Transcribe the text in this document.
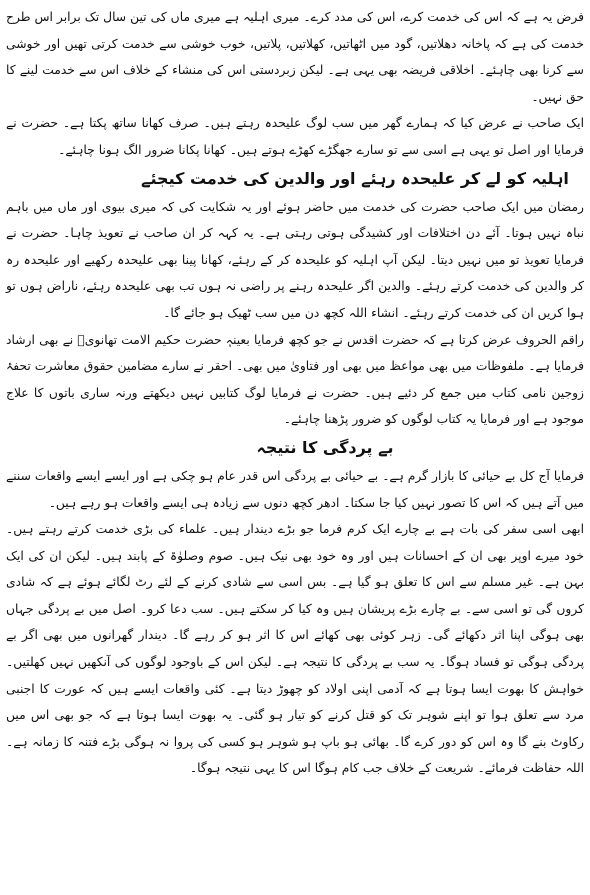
فرض یہ ہے کہ اس کی خدمت کرے، اس کی مدد کرے۔ میری اہلیہ ہے میری ماں کی تین سال تک برابر اس طرح خدمت کی ہے کہ پاخانہ دھلاتیں، گود میں اٹھاتیں، کھلاتیں، پلاتیں، خوب خوشی سے خدمت کرتی تھیں اور خوشی سے کرنا بھی چاہئے۔ اخلاقی فریضہ بھی یہی ہے۔ لیکن زبردستی اس کی منشاء کے خلاف اس سے خدمت لینے کا حق نہیں۔

ایک صاحب نے عرض کیا کہ ہمارے گھر میں سب لوگ علیحدہ رہتے ہیں۔ صرف کھانا ساتھ پکتا ہے۔ حضرت نے فرمایا اور اصل تو یہی ہے اسی سے تو سارے جھگڑے کھڑے ہوتے ہیں۔ کھانا پکانا ضرور الگ ہونا چاہئے۔

اہلیہ کو لے کر علیحدہ رہئے اور والدین کی خدمت کیجئے

رمضان میں ایک صاحب حضرت کی خدمت میں حاضر ہوئے اور یہ شکایت کی کہ میری بیوی اور ماں میں باہم نباہ نہیں ہوتا۔ آئے دن اختلافات اور کشیدگی ہوتی رہتی ہے۔ یہ کہہ کر ان صاحب نے تعویذ چاہا۔ حضرت نے فرمایا تعویذ تو میں نہیں دیتا۔ لیکن آپ اہلیہ کو علیحدہ کر کے رہئے، کھانا پینا بھی علیحدہ رکھیے اور علیحدہ رہ کر والدین کی خدمت کرتے رہئے۔ والدین اگر علیحدہ رہنے پر راضی نہ ہوں تب بھی علیحدہ رہئے، ناراض ہوں تو ہوا کریں ان کی خدمت کرتے رہئے۔ انشاء اللہ کچھ دن میں سب ٹھیک ہو جائے گا۔

راقم الحروف عرض کرتا ہے کہ حضرت اقدس نے جو کچھ فرمایا بعینہٖ حضرت حکیم الامت تھانویؒ نے بھی ارشاد فرمایا ہے۔ ملفوظات میں بھی مواعظ میں بھی اور فتاویٰ میں بھی۔ احقر نے سارے مضامین حقوق معاشرت تحفۂ زوجین نامی کتاب میں جمع کر دئیے ہیں۔ حضرت نے فرمایا لوگ کتابیں نہیں دیکھتے ورنہ ساری باتوں کا علاج موجود ہے اور فرمایا یہ کتاب لوگوں کو ضرور پڑھنا چاہئے۔

بے پردگی کا نتیجہ

فرمایا آج کل بے حیائی کا بازار گرم ہے۔ بے حیائی بے پردگی اس قدر عام ہو چکی ہے اور ایسے ایسے واقعات سننے میں آتے ہیں کہ اس کا تصور نہیں کیا جا سکتا۔ ادھر کچھ دنوں سے زیادہ ہی ایسے واقعات ہو رہے ہیں۔

ابھی اسی سفر کی بات ہے بے چارے ایک کرم فرما جو بڑے دیندار ہیں۔ علماء کی بڑی خدمت کرتے رہتے ہیں۔ خود میرے اوپر بھی ان کے احسانات ہیں اور وہ خود بھی نیک ہیں۔ صوم وصلوٰۃ کے پابند ہیں۔ لیکن ان کی ایک بہن ہے۔ غیر مسلم سے اس کا تعلق ہو گیا ہے۔ بس اسی سے شادی کرنے کے لئے رٹ لگائے ہوئے ہے کہ شادی کروں گی تو اسی سے۔ بے چارے بڑے پریشان ہیں وہ کیا کر سکتے ہیں۔ سب دعا کرو۔ اصل میں بے پردگی جہاں بھی ہوگی اپنا اثر دکھائے گی۔ زہر کوئی بھی کھائے اس کا اثر ہو کر رہے گا۔ دیندار گھرانوں میں بھی اگر بے پردگی ہوگی تو فساد ہوگا۔ یہ سب بے پردگی کا نتیجہ ہے۔ لیکن اس کے باوجود لوگوں کی آنکھیں نہیں کھلتیں۔ خواہش کا بھوت ایسا ہوتا ہے کہ آدمی اپنی اولاد کو چھوڑ دیتا ہے۔ کئی واقعات ایسے ہیں کہ عورت کا اجنبی مرد سے تعلق ہوا تو اپنے شوہر تک کو قتل کرنے کو تیار ہو گئی۔ یہ بھوت ایسا ہوتا ہے کہ جو بھی اس میں رکاوٹ بنے گا وہ اس کو دور کرے گا۔ بھائی ہو باپ ہو شوہر ہو کسی کی پروا نہ ہوگی بڑے فتنہ کا زمانہ ہے۔ اللہ حفاظت فرمائے۔ شریعت کے خلاف جب کام ہوگا اس کا یہی نتیجہ ہوگا۔
